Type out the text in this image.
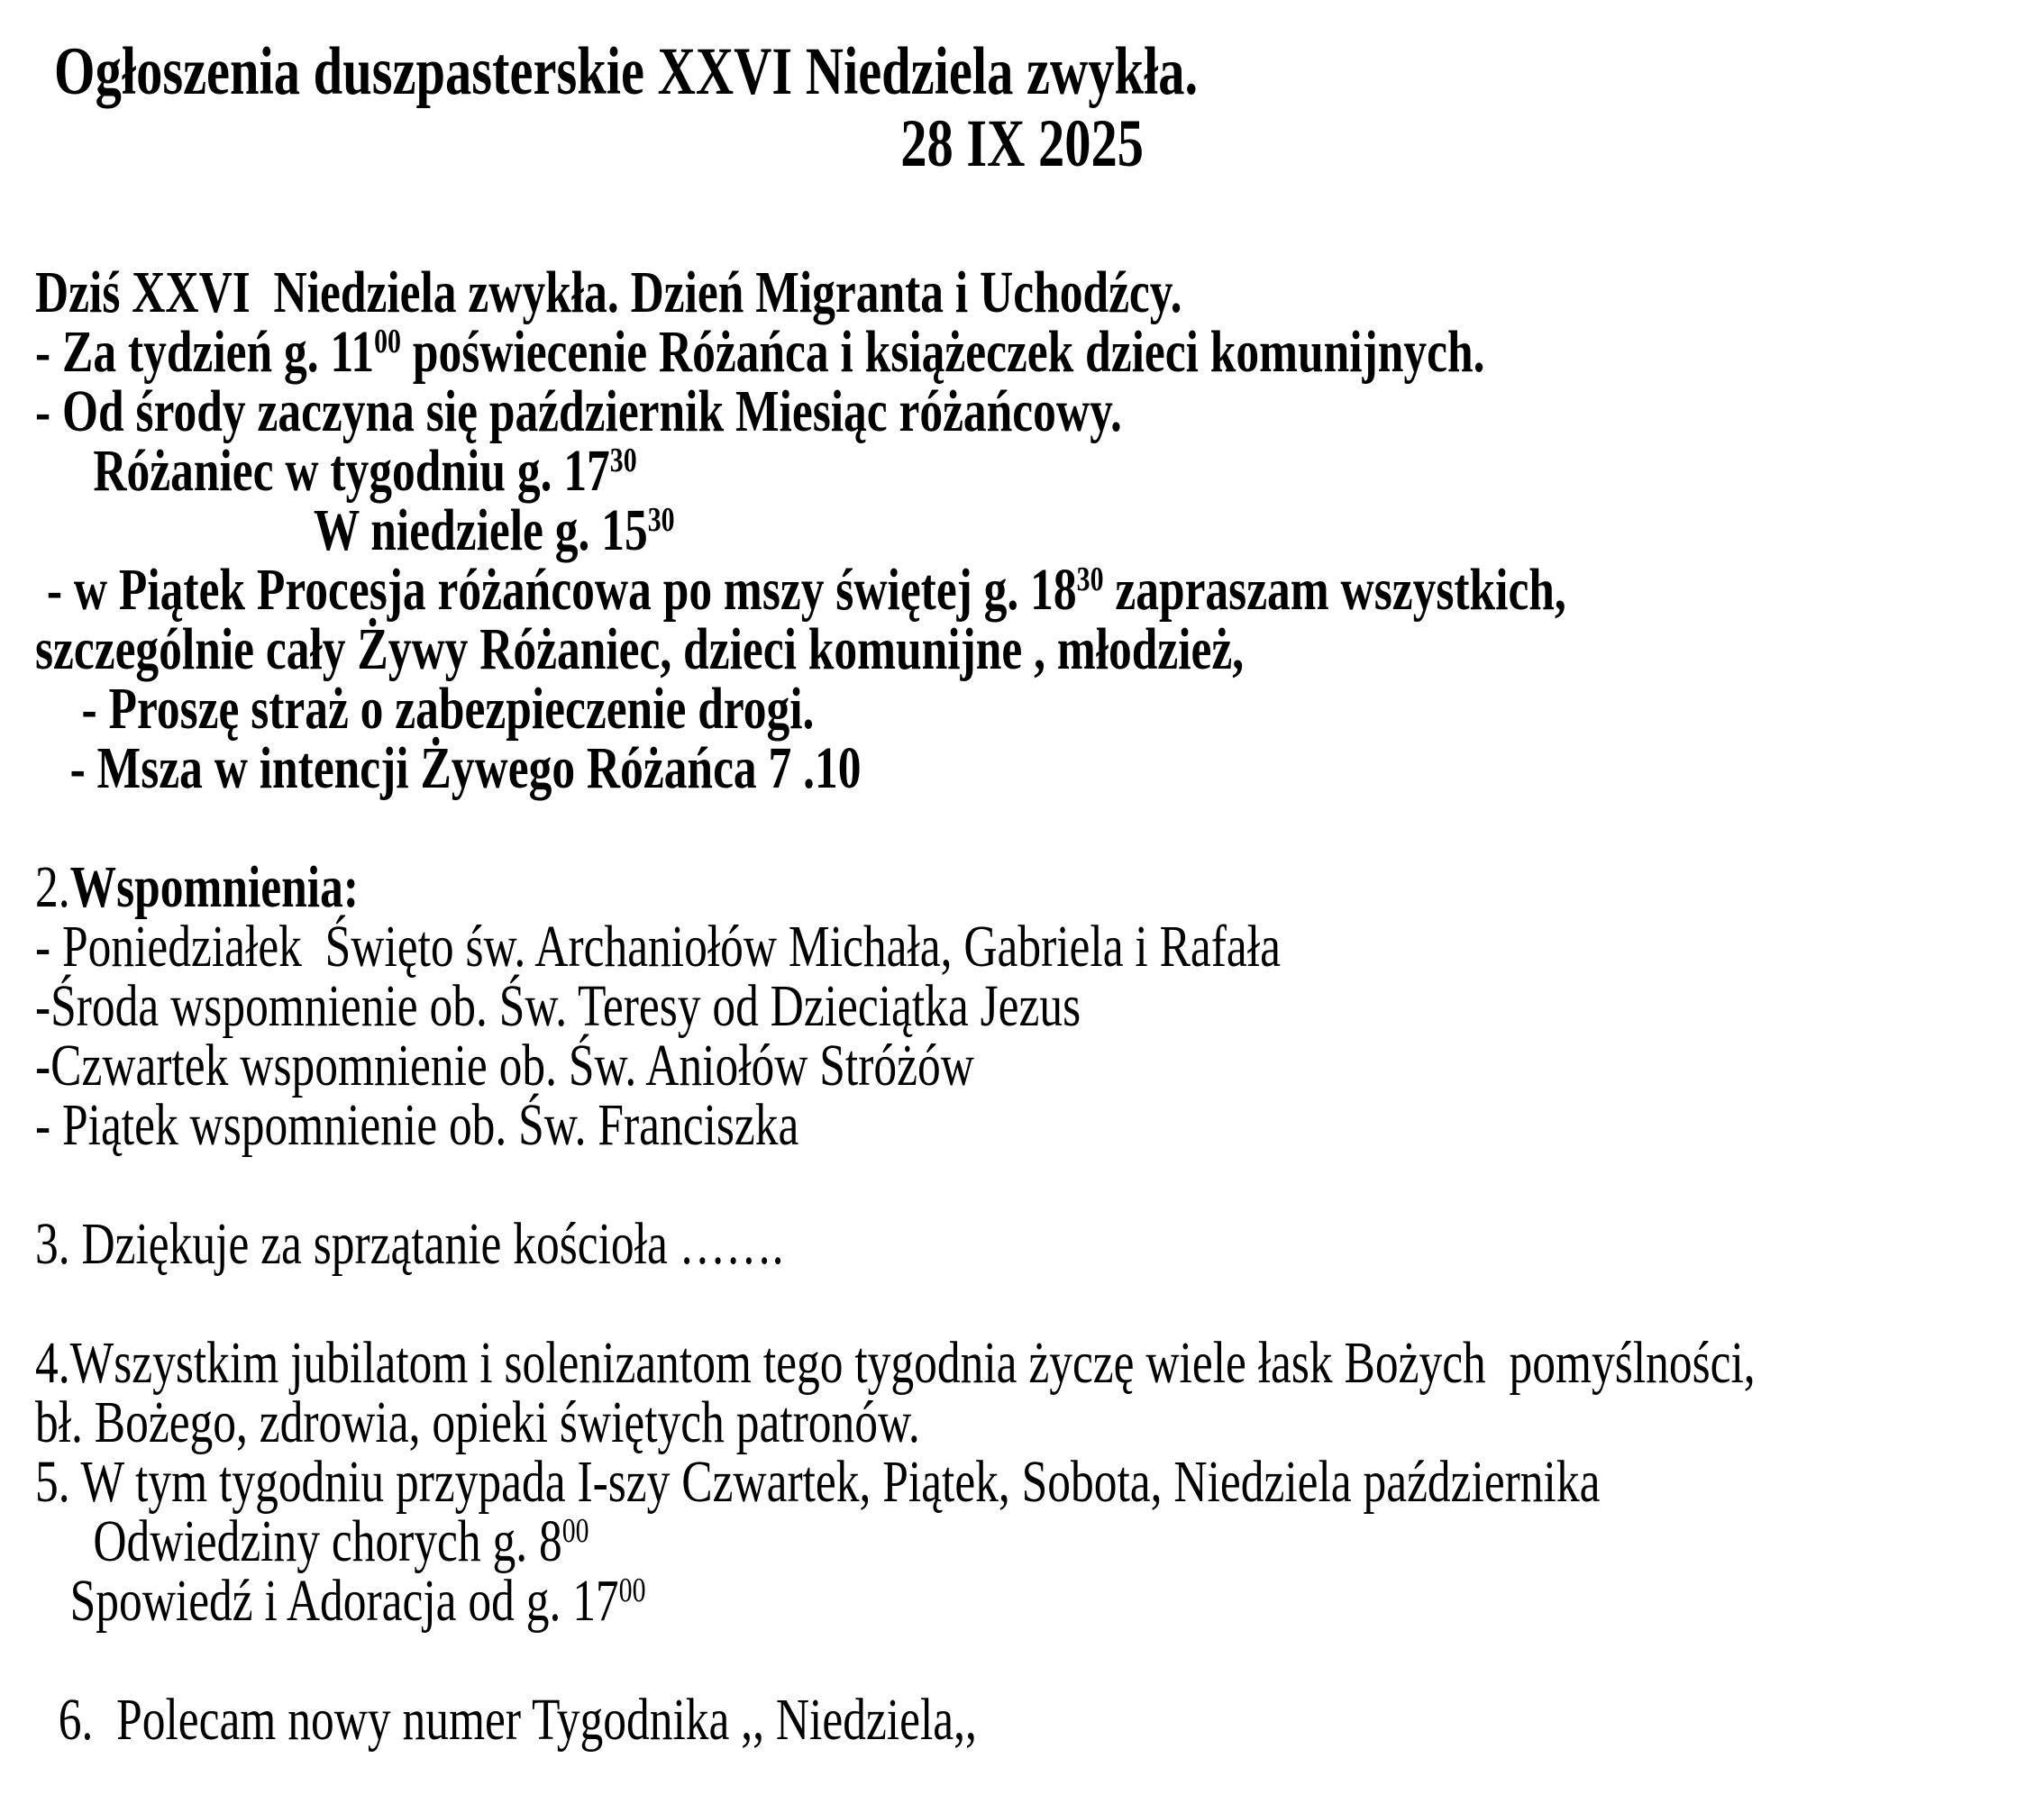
Ogłoszenia duszpasterskie XXVI Niedziela zwykła.
28 IX 2025
Dziś XXVI  Niedziela zwykła. Dzień Migranta i Uchodźcy.
- Za tydzień g. $11^{00}$ poświecenie Różańca i książeczek dzieci komunijnych.
- Od środy zaczyna się październik Miesiąc różańcowy.
Różaniec w tygodniu g. $17^{30}$
W niedziele g. $15^{30}$
- w Piątek Procesja różańcowa po mszy świętej g. $18^{30}$ zapraszam wszystkich,
szczególnie cały Żywy Różaniec, dzieci komunijne , młodzież,
- Proszę straż o zabezpieczenie drogi.
- Msza w intencji Żywego Różańca 7 .10

2.Wspomnienia:
- Poniedziałek  Święto św. Archaniołów Michała, Gabriela i Rafała
-Środa wspomnienie ob. Św. Teresy od Dzieciątka Jezus
-Czwartek wspomnienie ob. Św. Aniołów Stróżów
- Piątek wspomnienie ob. Św. Franciszka

3. Dziękuje za sprzątanie kościoła …….

4.Wszystkim jubilatom i solenizantom tego tygodnia życzę wiele łask Bożych  pomyślności,
bł. Bożego, zdrowia, opieki świętych patronów.
5. W tym tygodniu przypada I-szy Czwartek, Piątek, Sobota, Niedziela października
Odwiedziny chorych g. $8^{00}$
Spowiedź i Adoracja od g. $17^{00}$

6.  Polecam nowy numer Tygodnika ,, Niedziela,,
